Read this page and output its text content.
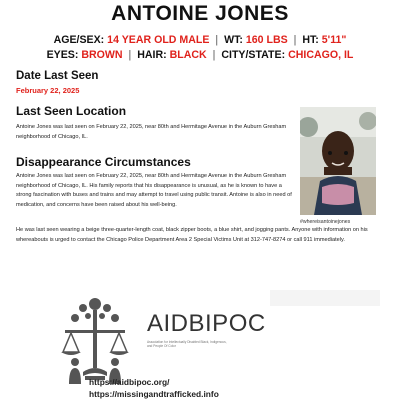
ANTOINE JONES
AGE/SEX: 14 YEAR OLD MALE | WT: 160 LBS | HT: 5'11"
EYES: BROWN | HAIR: BLACK | CITY/STATE: CHICAGO, IL
Date Last Seen
February 22, 2025
Last Seen Location
Antoine Jones was last seen on February 22, 2025, near 80th and Hermitage Avenue in the Auburn Gresham neighborhood of Chicago, IL.
Disappearance Circumstances
Antoine Jones was last seen on February 22, 2025, near 80th and Hermitage Avenue in the Auburn Gresham neighborhood of Chicago, IL. His family reports that his disappearance is unusual, as he is known to have a strong fascination with buses and trains and may attempt to travel using public transit. Antoine is also in need of medication, and concerns have been raised about his well-being.
He was last seen wearing a beige three-quarter-length coat, black zipper boots, a blue shirt, and jogging pants. Anyone with information on his whereabouts is urged to contact the Chicago Police Department Area 2 Special Victims Unit at 312-747-8274 or call 911 immediately.
#whereisantoinejones
AIDBIPOC
Association for Intellectually Disabled Black, Indigenous, and People Of Color
https://aidbipoc.org/
https://missingandtrafficked.info
